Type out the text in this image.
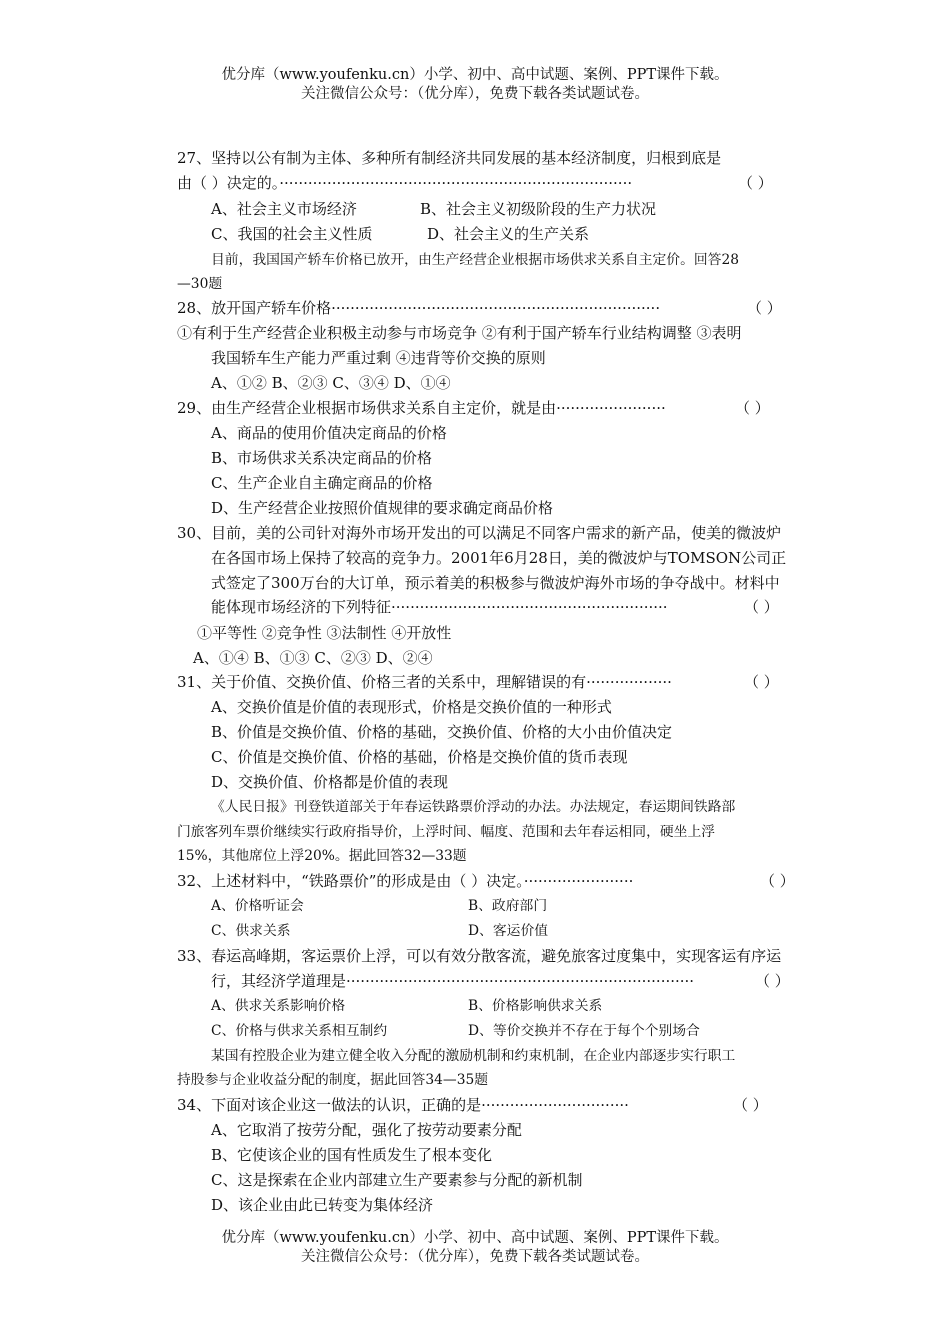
优分库（www.youfenku.cn）小学、初中、高中试题、案例、PPT课件下载。
关注微信公众号：（优分库），免费下载各类试题试卷。
27、坚持以公有制为主体、多种所有制经济共同发展的基本经济制度，归根到底是
由（ ）决定的。··········································································	（ ）
A、社会主义市场经济	B、社会主义初级阶段的生产力状况
C、我国的社会主义性质	D、社会主义的生产关系
目前，我国国产轿车价格已放开，由生产经营企业根据市场供求关系自主定价。回答28
—30题
28、放开国产轿车价格·····································································	（ ）
①有利于生产经营企业积极主动参与市场竞争 ②有利于国产轿车行业结构调整 ③表明
我国轿车生产能力严重过剩 ④违背等价交换的原则
A、①② B、②③ C、③④ D、①④
29、由生产经营企业根据市场供求关系自主定价，就是由·······················	（ ）
A、商品的使用价值决定商品的价格
B、市场供求关系决定商品的价格
C、生产企业自主确定商品的价格
D、生产经营企业按照价值规律的要求确定商品价格
30、目前，美的公司针对海外市场开发出的可以满足不同客户需求的新产品，使美的微波炉
在各国市场上保持了较高的竞争力。2001年6月28日，美的微波炉与TOMSON公司正
式签定了300万台的大订单，预示着美的积极参与微波炉海外市场的争夺战中。材料中
能体现市场经济的下列特征··························································	（ ）
①平等性 ②竞争性 ③法制性 ④开放性
A、①④ B、①③ C、②③ D、②④
31、关于价值、交换价值、价格三者的关系中，理解错误的有··················	（ ）
A、交换价值是价值的表现形式，价格是交换价值的一种形式
B、价值是交换价值、价格的基础，交换价值、价格的大小由价值决定
C、价值是交换价值、价格的基础，价格是交换价值的货币表现
D、交换价值、价格都是价值的表现
《人民日报》刊登铁道部关于年春运铁路票价浮动的办法。办法规定，春运期间铁路部
门旅客列车票价继续实行政府指导价，上浮时间、幅度、范围和去年春运相同，硬坐上浮
15%，其他席位上浮20%。据此回答32—33题
32、上述材料中，“铁路票价”的形成是由（ ）决定。·······················	（ ）
A、价格听证会	B、政府部门
C、供求关系	D、客运价值
33、春运高峰期，客运票价上浮，可以有效分散客流，避免旅客过度集中，实现客运有序运
行，其经济学道理是·········································································	（ ）
A、供求关系影响价格	B、价格影响供求关系
C、价格与供求关系相互制约	D、等价交换并不存在于每个个别场合
某国有控股企业为建立健全收入分配的激励机制和约束机制，在企业内部逐步实行职工
持股参与企业收益分配的制度，据此回答34—35题
34、下面对该企业这一做法的认识，正确的是·······························	（ ）
A、它取消了按劳分配，强化了按劳动要素分配
B、它使该企业的国有性质发生了根本变化
C、这是探索在企业内部建立生产要素参与分配的新机制
D、该企业由此已转变为集体经济
优分库（www.youfenku.cn）小学、初中、高中试题、案例、PPT课件下载。
关注微信公众号：（优分库），免费下载各类试题试卷。
